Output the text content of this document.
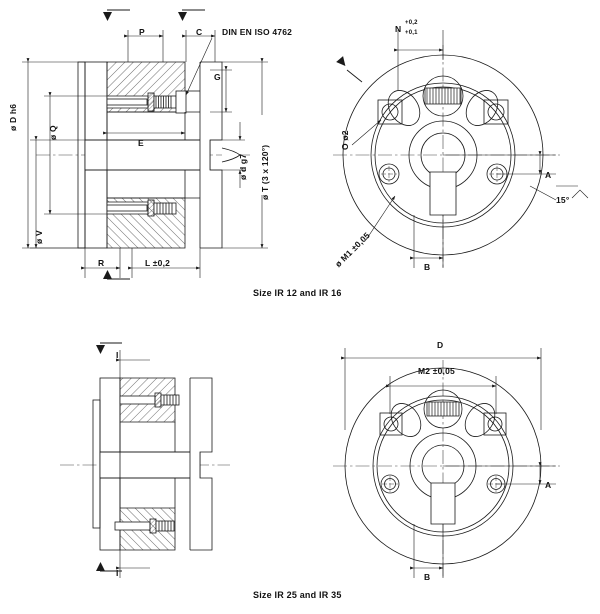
P	C DIN EN ISO 4762
G
E
R	L ±0,2
ø D h6
ø Q
ø V
ø d g7 ø T (3 x 120°)
N
+0,2
+0,1
O ø2
A
B
ø M1 ±0,05
15°
I
I
D
M2 ±0,05
A
B
Size IR 12 and IR 16
Size IR 25 and IR 35
